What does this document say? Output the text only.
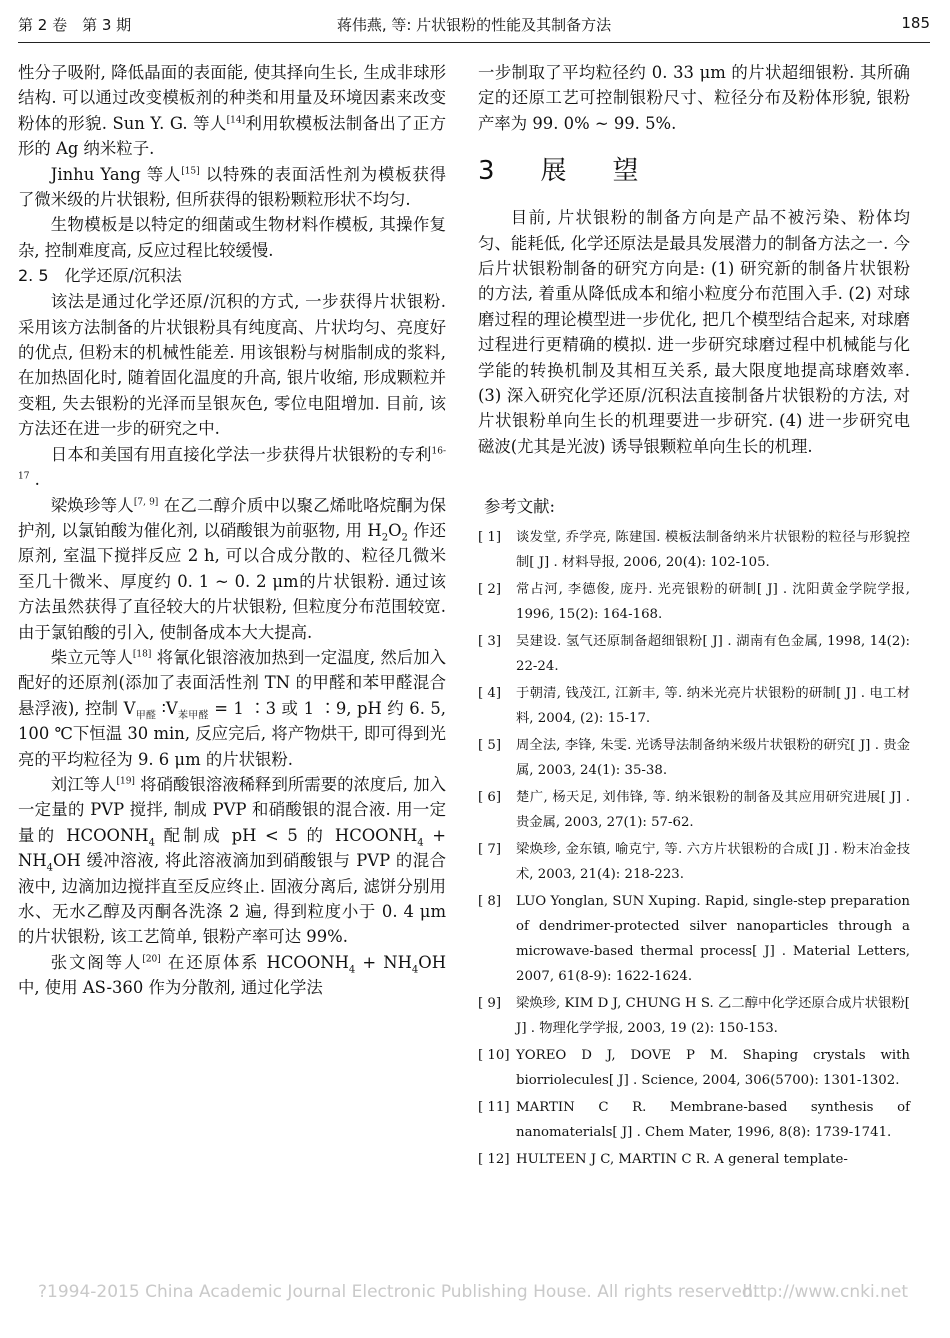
第 2 卷　第 3 期	蒋伟燕, 等: 片状银粉的性能及其制备方法	185

性分子吸附, 降低晶面的表面能, 使其择向生长, 生成非球形结构. 可以通过改变模板剂的种类和用量及环境因素来改变粉体的形貌. Sun Y. G. 等人[14]利用软模板法制备出了正方形的 Ag 纳米粒子.

Jinhu Yang 等人[15] 以特殊的表面活性剂为模板获得了微米级的片状银粉, 但所获得的银粉颗粒形状不均匀.

生物模板是以特定的细菌或生物材料作模板, 其操作复杂, 控制难度高, 反应过程比较缓慢.

2. 5　化学还原/沉积法

该法是通过化学还原/沉积的方式, 一步获得片状银粉. 采用该方法制备的片状银粉具有纯度高、片状均匀、亮度好的优点, 但粉末的机械性能差. 用该银粉与树脂制成的浆料, 在加热固化时, 随着固化温度的升高, 银片收缩, 形成颗粒并变粗, 失去银粉的光泽而呈银灰色, 零位电阻增加. 目前, 该方法还在进一步的研究之中.

日本和美国有用直接化学法一步获得片状银粉的专利$^{16-17}$ .

梁焕珍等人[7, 9] 在乙二醇介质中以聚乙烯吡咯烷酮为保护剂, 以氯铂酸为催化剂, 以硝酸银为前驱物, 用 $H_2O_2$ 作还原剂, 室温下搅拌反应 2 h, 可以合成分散的、粒径几微米至几十微米、厚度约 0. 1 ~ 0. 2 μm的片状银粉. 通过该方法虽然获得了直径较大的片状银粉, 但粒度分布范围较宽. 由于氯铂酸的引入, 使制备成本大大提高.

柴立元等人[18] 将氰化银溶液加热到一定温度, 然后加入配好的还原剂(添加了表面活性剂 TN 的甲醛和苯甲醛混合悬浮液), 控制 $V_{甲醛}$ $∶V_{苯甲醛} = 1$ ∶3 或 1 ∶9, pH 约 6. 5, 100 ℃下恒温 30 min, 反应完后, 将产物烘干, 即可得到光亮的平均粒径为 9. 6 μm 的片状银粉.

刘江等人[19] 将硝酸银溶液稀释到所需要的浓度后, 加入一定量的 PVP 搅拌, 制成 PVP 和硝酸银的混合液. 用一定量的 $HCOONH_4$ 配制成 pH < 5 的 $HCOONH_4 + NH_4OH$ 缓冲溶液, 将此溶液滴加到硝酸银与 PVP 的混合液中, 边滴加边搅拌直至反应终止. 固液分离后, 滤饼分别用水、无水乙醇及丙酮各洗涤 2 遍, 得到粒度小于 0. 4 μm 的片状银粉, 该工艺简单, 银粉产率可达 99%.

张文阁等人[20] 在还原体系 $HCOONH_4 + NH_4OH$ 中, 使用 AS-360 作为分散剂, 通过化学法

一步制取了平均粒径约 0. 33 μm 的片状超细银粉. 其所确定的还原工艺可控制银粉尺寸、粒径分布及粉体形貌, 银粉产率为 99. 0% ~ 99. 5%.

3　展　望

目前, 片状银粉的制备方向是产品不被污染、粉体均匀、能耗低, 化学还原法是最具发展潜力的制备方法之一. 今后片状银粉制备的研究方向是: (1) 研究新的制备片状银粉的方法, 着重从降低成本和缩小粒度分布范围入手. (2) 对球磨过程的理论模型进一步优化, 把几个模型结合起来, 对球磨过程进行更精确的模拟. 进一步研究球磨过程中机械能与化学能的转换机制及其相互关系, 最大限度地提高球磨效率. (3) 深入研究化学还原/沉积法直接制备片状银粉的方法, 对片状银粉单向生长的机理要进一步研究. (4) 进一步研究电磁波(尤其是光波) 诱导银颗粒单向生长的机理.

参考文献:

[ 1] 谈发堂, 乔学亮, 陈建国. 模板法制备纳米片状银粉的粒径与形貌控制[ J] . 材料导报, 2006, 20(4): 102-105.
[ 2] 常占河, 李德俊, 庞丹. 光亮银粉的研制[ J] . 沈阳黄金学院学报, 1996, 15(2): 164-168.
[ 3] 吴建设. 氢气还原制备超细银粉[ J] . 湖南有色金属, 1998, 14(2): 22-24.
[ 4] 于朝清, 钱茂江, 江新丰, 等. 纳米光亮片状银粉的研制[ J] . 电工材料, 2004, (2): 15-17.
[ 5] 周全法, 李锋, 朱雯. 光诱导法制备纳米级片状银粉的研究[ J] . 贵金属, 2003, 24(1): 35-38.
[ 6] 楚广, 杨天足, 刘伟锋, 等. 纳米银粉的制备及其应用研究进展[ J] . 贵金属, 2003, 27(1): 57-62.
[ 7] 梁焕珍, 金东镇, 喻克宁, 等. 六方片状银粉的合成[ J] . 粉末冶金技术, 2003, 21(4): 218-223.
[ 8] LUO Yonglan, SUN Xuping. Rapid, single-step preparation of dendrimer-protected silver nanoparticles through a microwave-based thermal process[ J] . Material Letters, 2007, 61(8-9): 1622-1624.
[ 9] 梁焕珍, KIM D J, CHUNG H S. 乙二醇中化学还原合成片状银粉[ J] . 物理化学学报, 2003, 19 (2): 150-153.
[ 10] YOREO D J, DOVE P M. Shaping crystals with biorriolecules[ J] . Science, 2004, 306(5700): 1301-1302.
[ 11] MARTIN C R. Membrane-based synthesis of nanomaterials[ J] . Chem Mater, 1996, 8(8): 1739-1741.
[ 12] HULTEEN J C, MARTIN C R. A general template-
?1994-2015 China Academic Journal Electronic Publishing House. All rights reserved.
http://www.cnki.net
